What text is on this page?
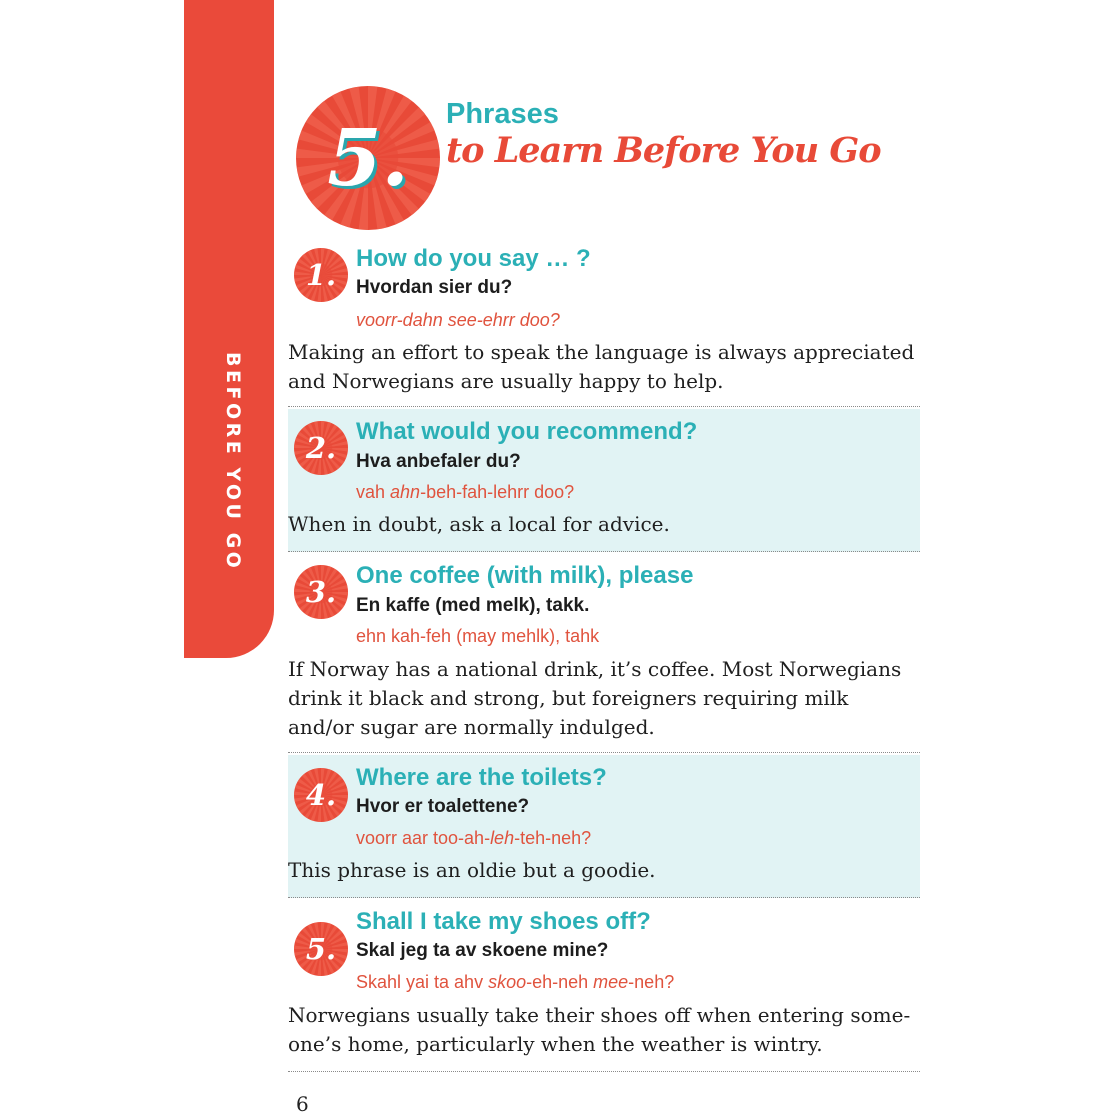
BEFORE YOU GO
5.	Phrases
to Learn Before You Go
1. How do you say … ?
Hvordan sier du?
voorr-dahn see-ehrr doo?
Making an effort to speak the language is always appreciated and Norwegians are usually happy to help.
2. What would you recommend?
Hva anbefaler du?
vah ahn-beh-fah-lehrr doo?
When in doubt, ask a local for advice.
3. One coffee (with milk), please
En kaffe (med melk), takk.
ehn kah-feh (may mehlk), tahk
If Norway has a national drink, it’s coffee. Most Norwegians drink it black and strong, but foreigners requiring milk and/or sugar are normally indulged.
4.
Where are the toilets?
Hvor er toalettene?
voorr aar too-ah-leh-teh-neh?
This phrase is an oldie but a goodie.
5.
Shall I take my shoes off?
Skal jeg ta av skoene mine?
Skahl yai ta ahv skoo-eh-neh mee-neh?
Norwegians usually take their shoes off when entering some-one’s home, particularly when the weather is wintry.
6
